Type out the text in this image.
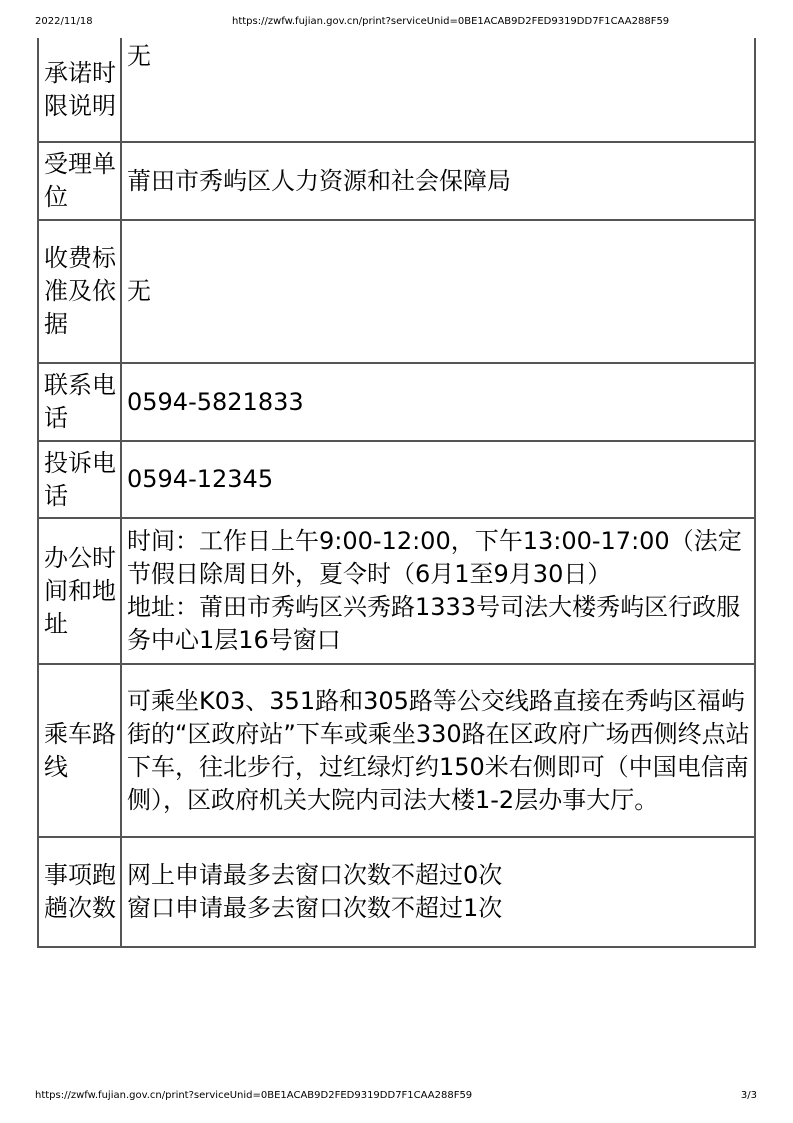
2022/11/18	https://zwfw.fujian.gov.cn/print?serviceUnid=0BE1ACAB9D2FED9319DD7F1CAA288F59
承诺时限说明	无
受理单位	莆田市秀屿区人力资源和社会保障局
收费标准及依据	无
联系电话	0594-5821833
投诉电话	0594-12345
办公时间和地址	时间：工作日上午9:00-12:00，下午13:00-17:00（法定节假日除周日外，夏令时（6月1至9月30日）
地址：莆田市秀屿区兴秀路1333号司法大楼秀屿区行政服务中心1层16号窗口

乘车路线	可乘坐K03、351路和305路等公交线路直接在秀屿区福屿街的“区政府站”下车或乘坐330路在区政府广场西侧终点站下车，往北步行，过红绿灯约150米右侧即可（中国电信南侧），区政府机关大院内司法大楼1-2层办事大厅。
事项跑趟次数	网上申请最多去窗口次数不超过0次
窗口申请最多去窗口次数不超过1次
https://zwfw.fujian.gov.cn/print?serviceUnid=0BE1ACAB9D2FED9319DD7F1CAA288F59	3/3
